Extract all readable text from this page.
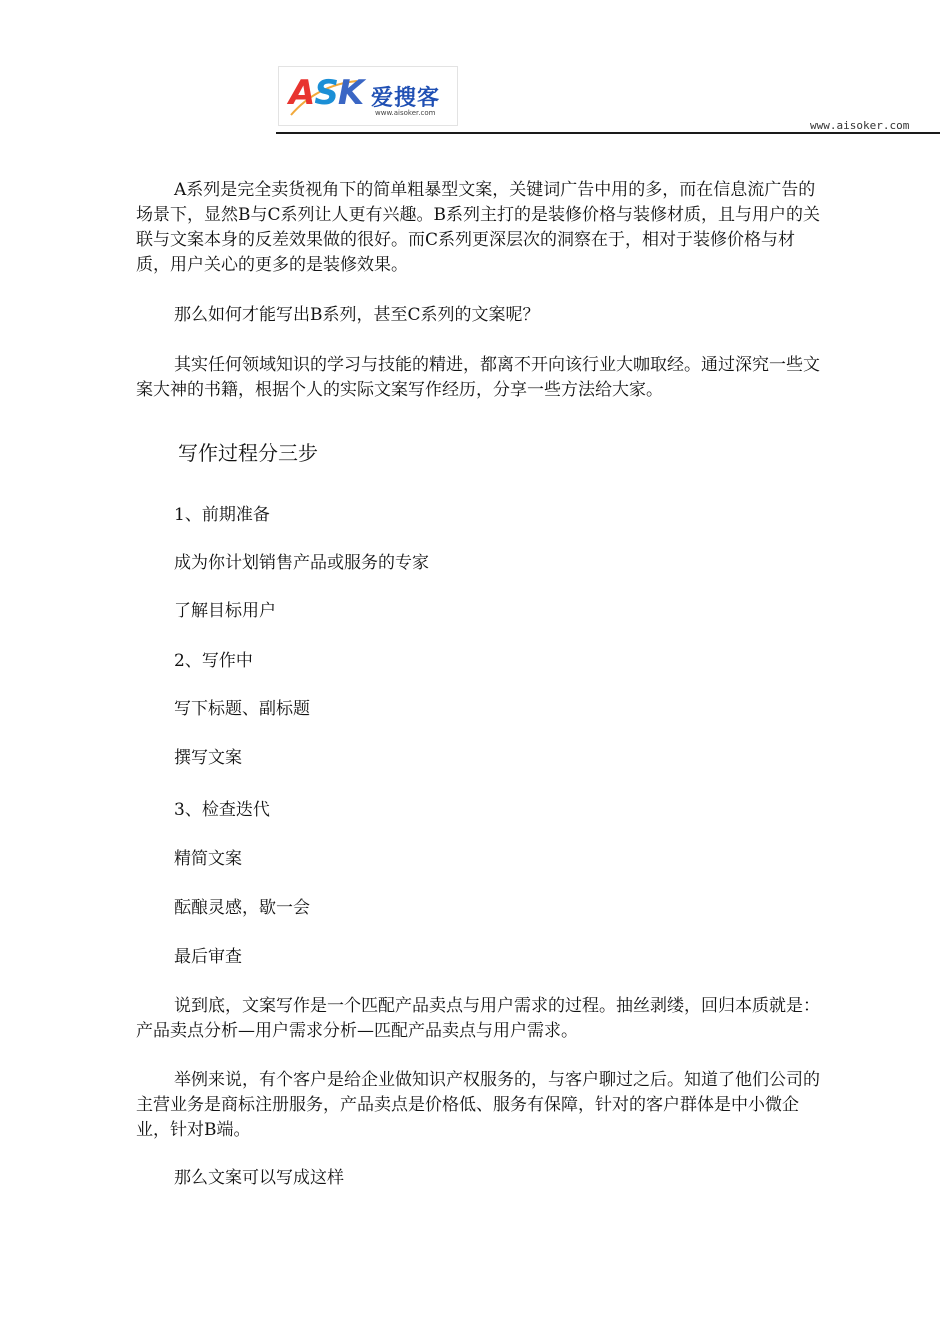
ASK 爱搜客
www.aisoker.com
www.aisoker.com

A系列是完全卖货视角下的简单粗暴型文案，关键词广告中用的多，而在信息流广告的场景下，显然B与C系列让人更有兴趣。B系列主打的是装修价格与装修材质，且与用户的关联与文案本身的反差效果做的很好。而C系列更深层次的洞察在于，相对于装修价格与材质，用户关心的更多的是装修效果。

那么如何才能写出B系列，甚至C系列的文案呢？

其实任何领域知识的学习与技能的精进，都离不开向该行业大咖取经。通过深究一些文案大神的书籍，根据个人的实际文案写作经历，分享一些方法给大家。

写作过程分三步

1、前期准备

成为你计划销售产品或服务的专家

了解目标用户

2、写作中

写下标题、副标题

撰写文案

3、检查迭代

精简文案

酝酿灵感，歇一会

最后审查

说到底，文案写作是一个匹配产品卖点与用户需求的过程。抽丝剥缕，回归本质就是：产品卖点分析—用户需求分析—匹配产品卖点与用户需求。

举例来说，有个客户是给企业做知识产权服务的，与客户聊过之后。知道了他们公司的主营业务是商标注册服务，产品卖点是价格低、服务有保障，针对的客户群体是中小微企业，针对B端。

那么文案可以写成这样
